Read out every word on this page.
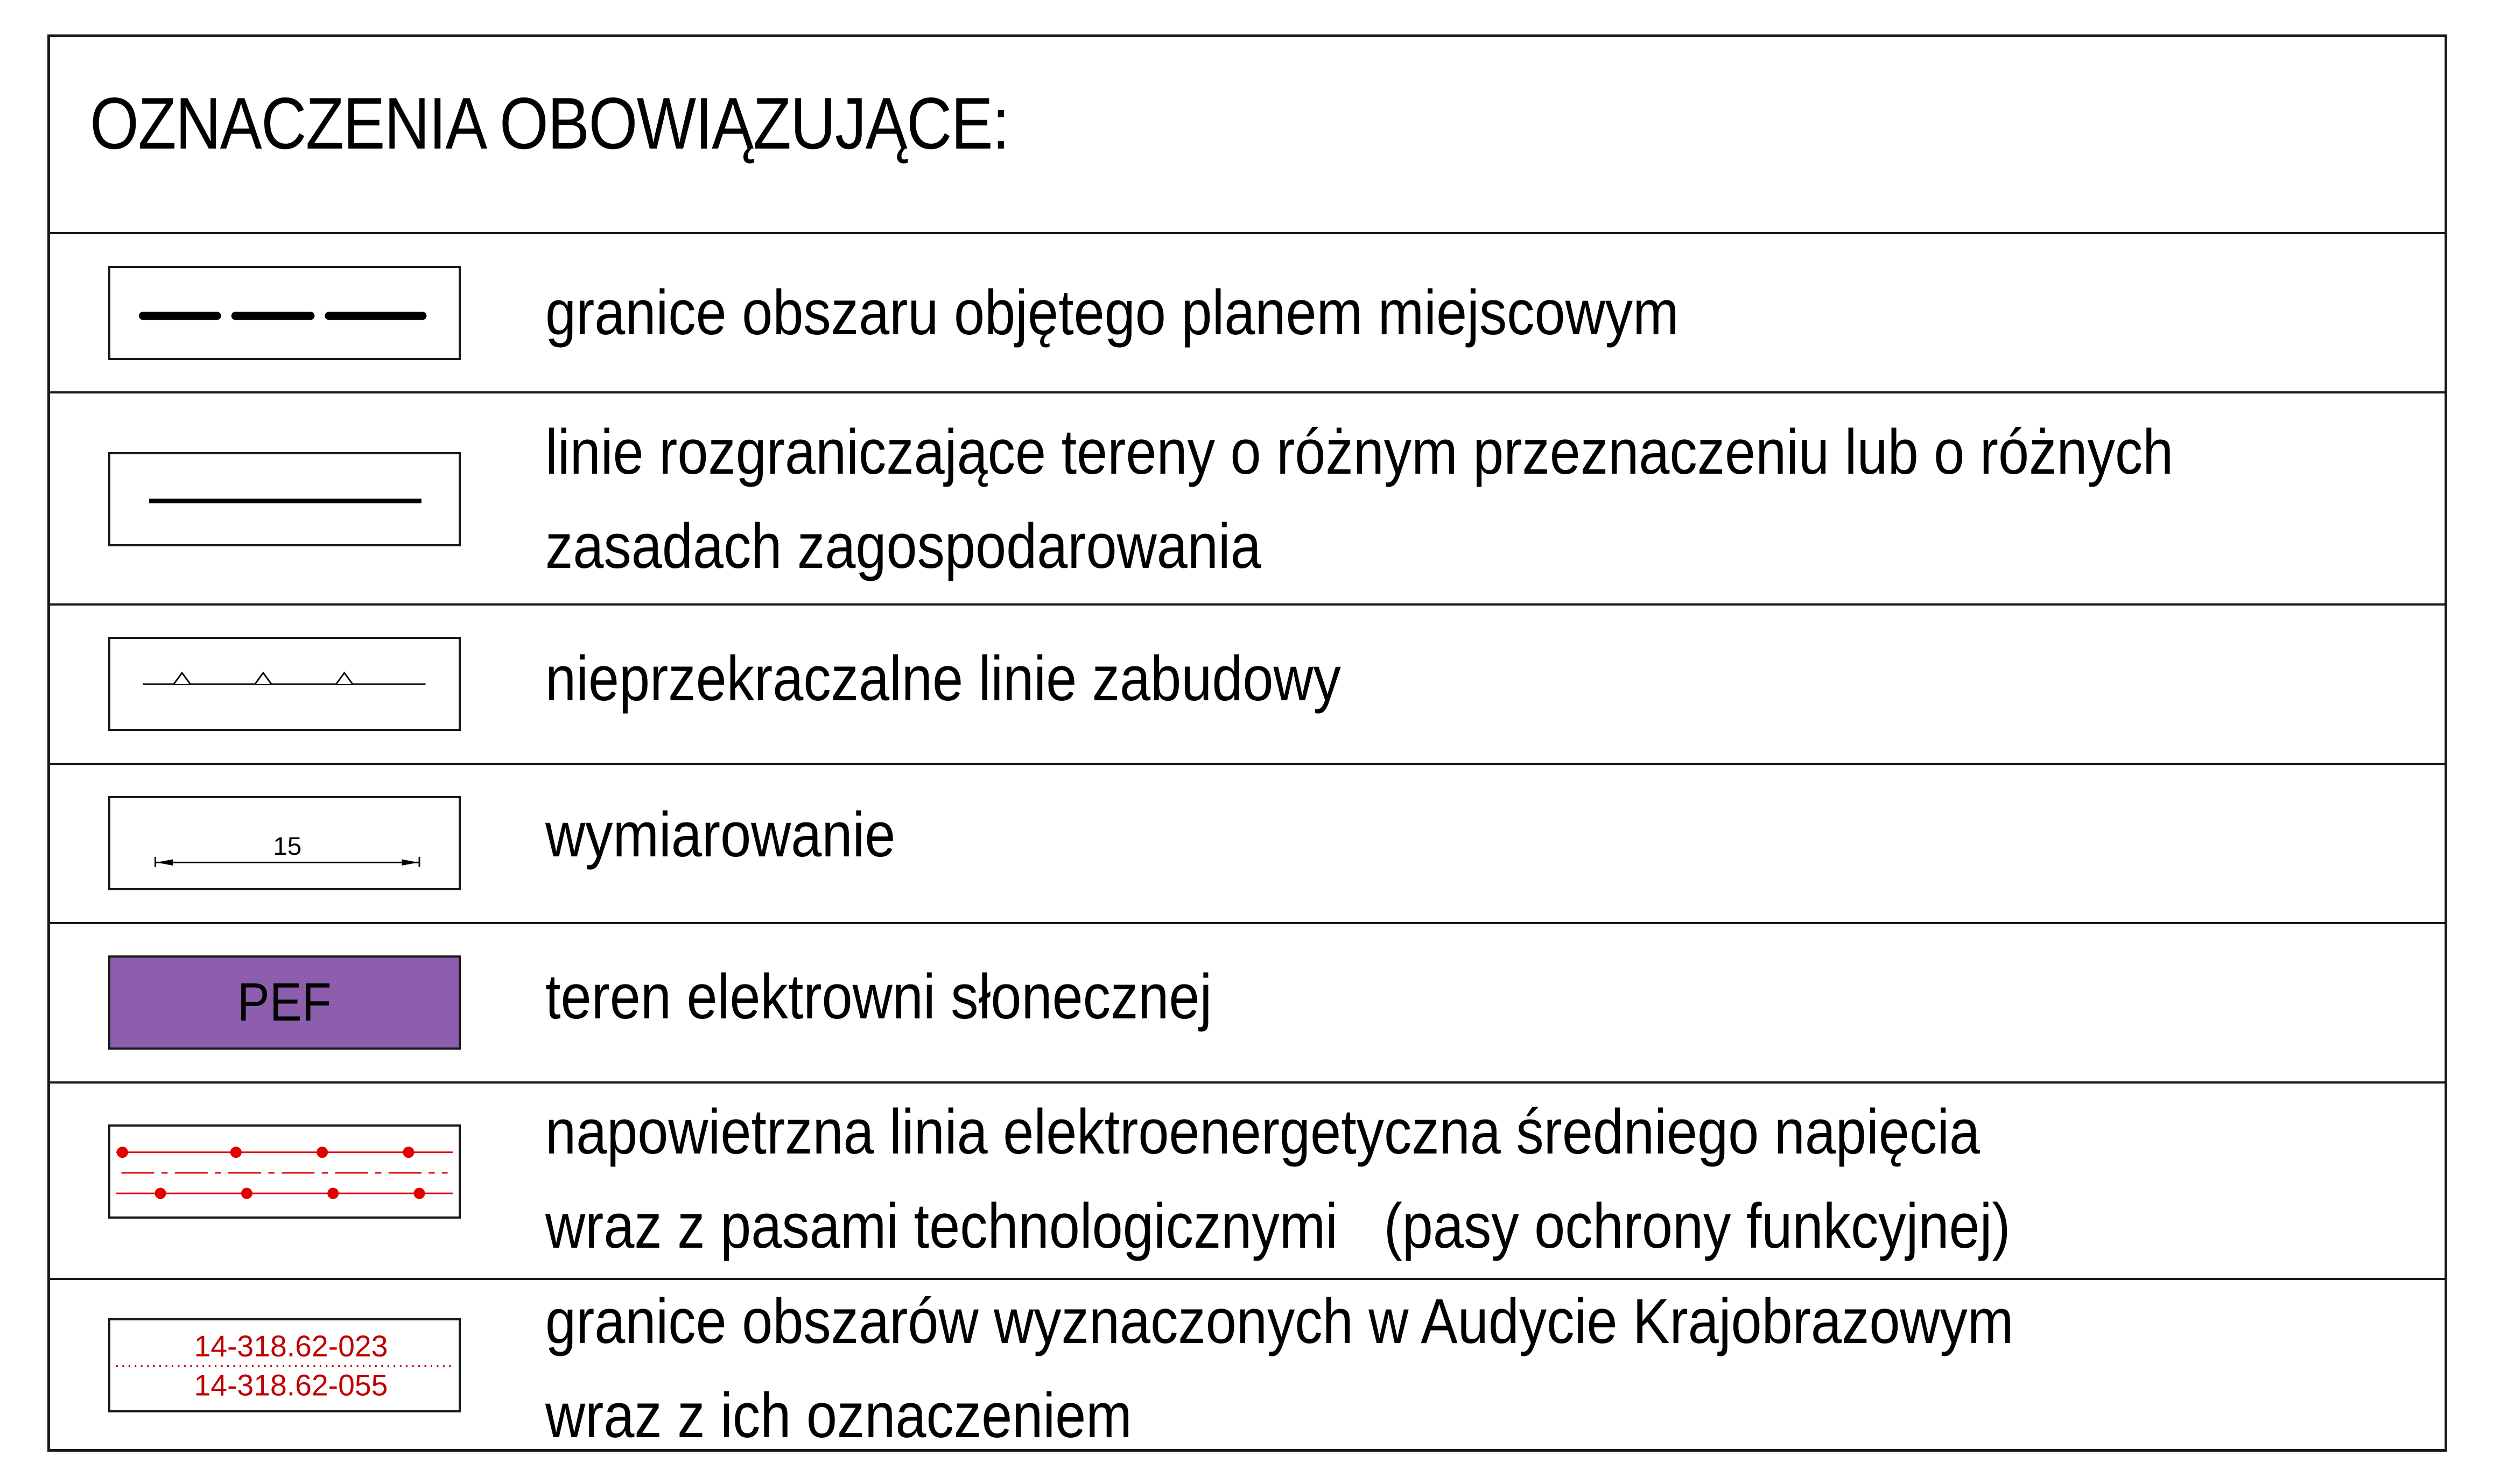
OZNACZENIA OBOWIĄZUJĄCE:
granice obszaru objętego planem miejscowym
linie rozgraniczające tereny o różnym przeznaczeniu lub o różnych
zasadach zagospodarowania
nieprzekraczalne linie zabudowy
15	wymiarowanie
PEF	teren elektrowni słonecznej
napowietrzna linia elektroenergetyczna średniego napięcia
wraz z pasami technologicznymi   (pasy ochrony funkcyjnej)
14-318.62-023
14-318.62-055
granice obszarów wyznaczonych w Audycie Krajobrazowym
wraz z ich oznaczeniem
